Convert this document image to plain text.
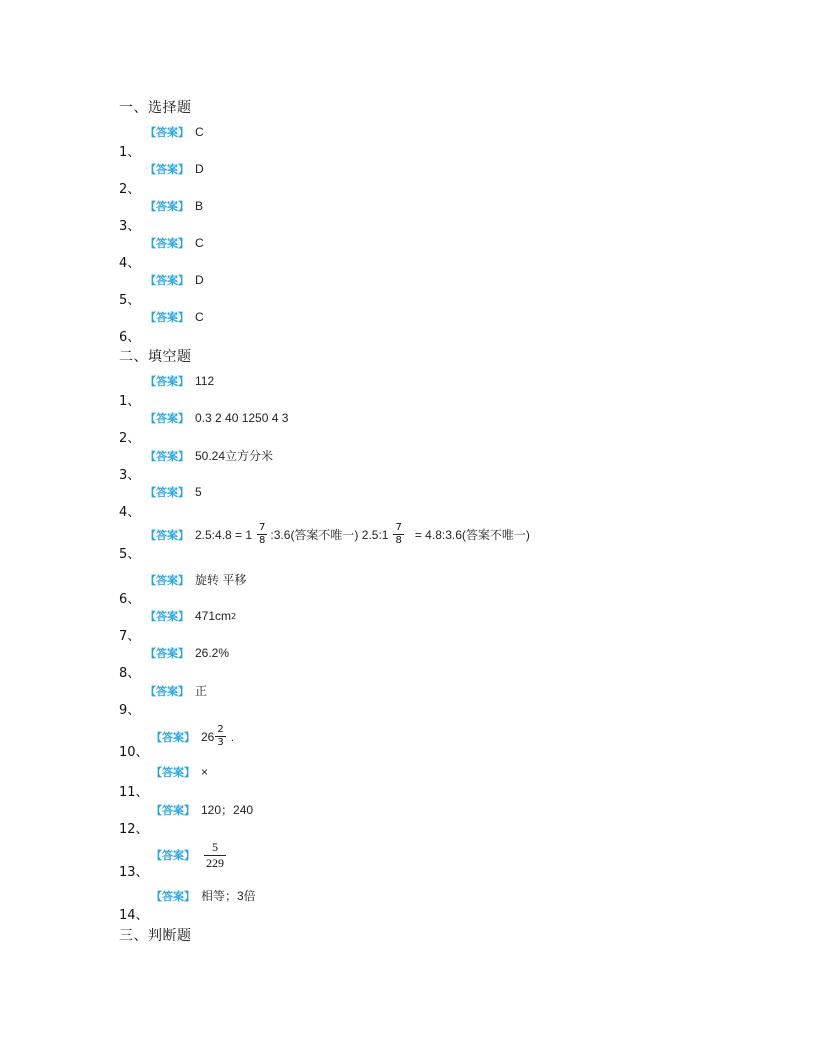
一、选择题
1、
【答案】 C
2、
【答案】 D
3、
【答案】 B
4、
【答案】 C
5、
【答案】 D
6、
【答案】 C
二、填空题
1、
【答案】 112
2、
【答案】 0.3 2 40 1250 4 3
3、
【答案】 50.24立方分米
4、
【答案】 5
5、
【答案】 2.5:4.8 = $1 \frac{7}{8}$ :3.6(答案不唯一) 2.5:1 $\frac{7}{8}$ = 4.8:3.6(答案不唯一)
6、
【答案】 旋转 平移
7、
【答案】 471cm 2
8、
【答案】 26.2%
9、
【答案】 正
10、
【答案】 $26 \frac{2}{3}$ .
11、
【答案】 ×
12、
【答案】 120；240
13、
【答案】 $\frac{5}{229}$
14、
【答案】 相等；3倍
三、判断题
